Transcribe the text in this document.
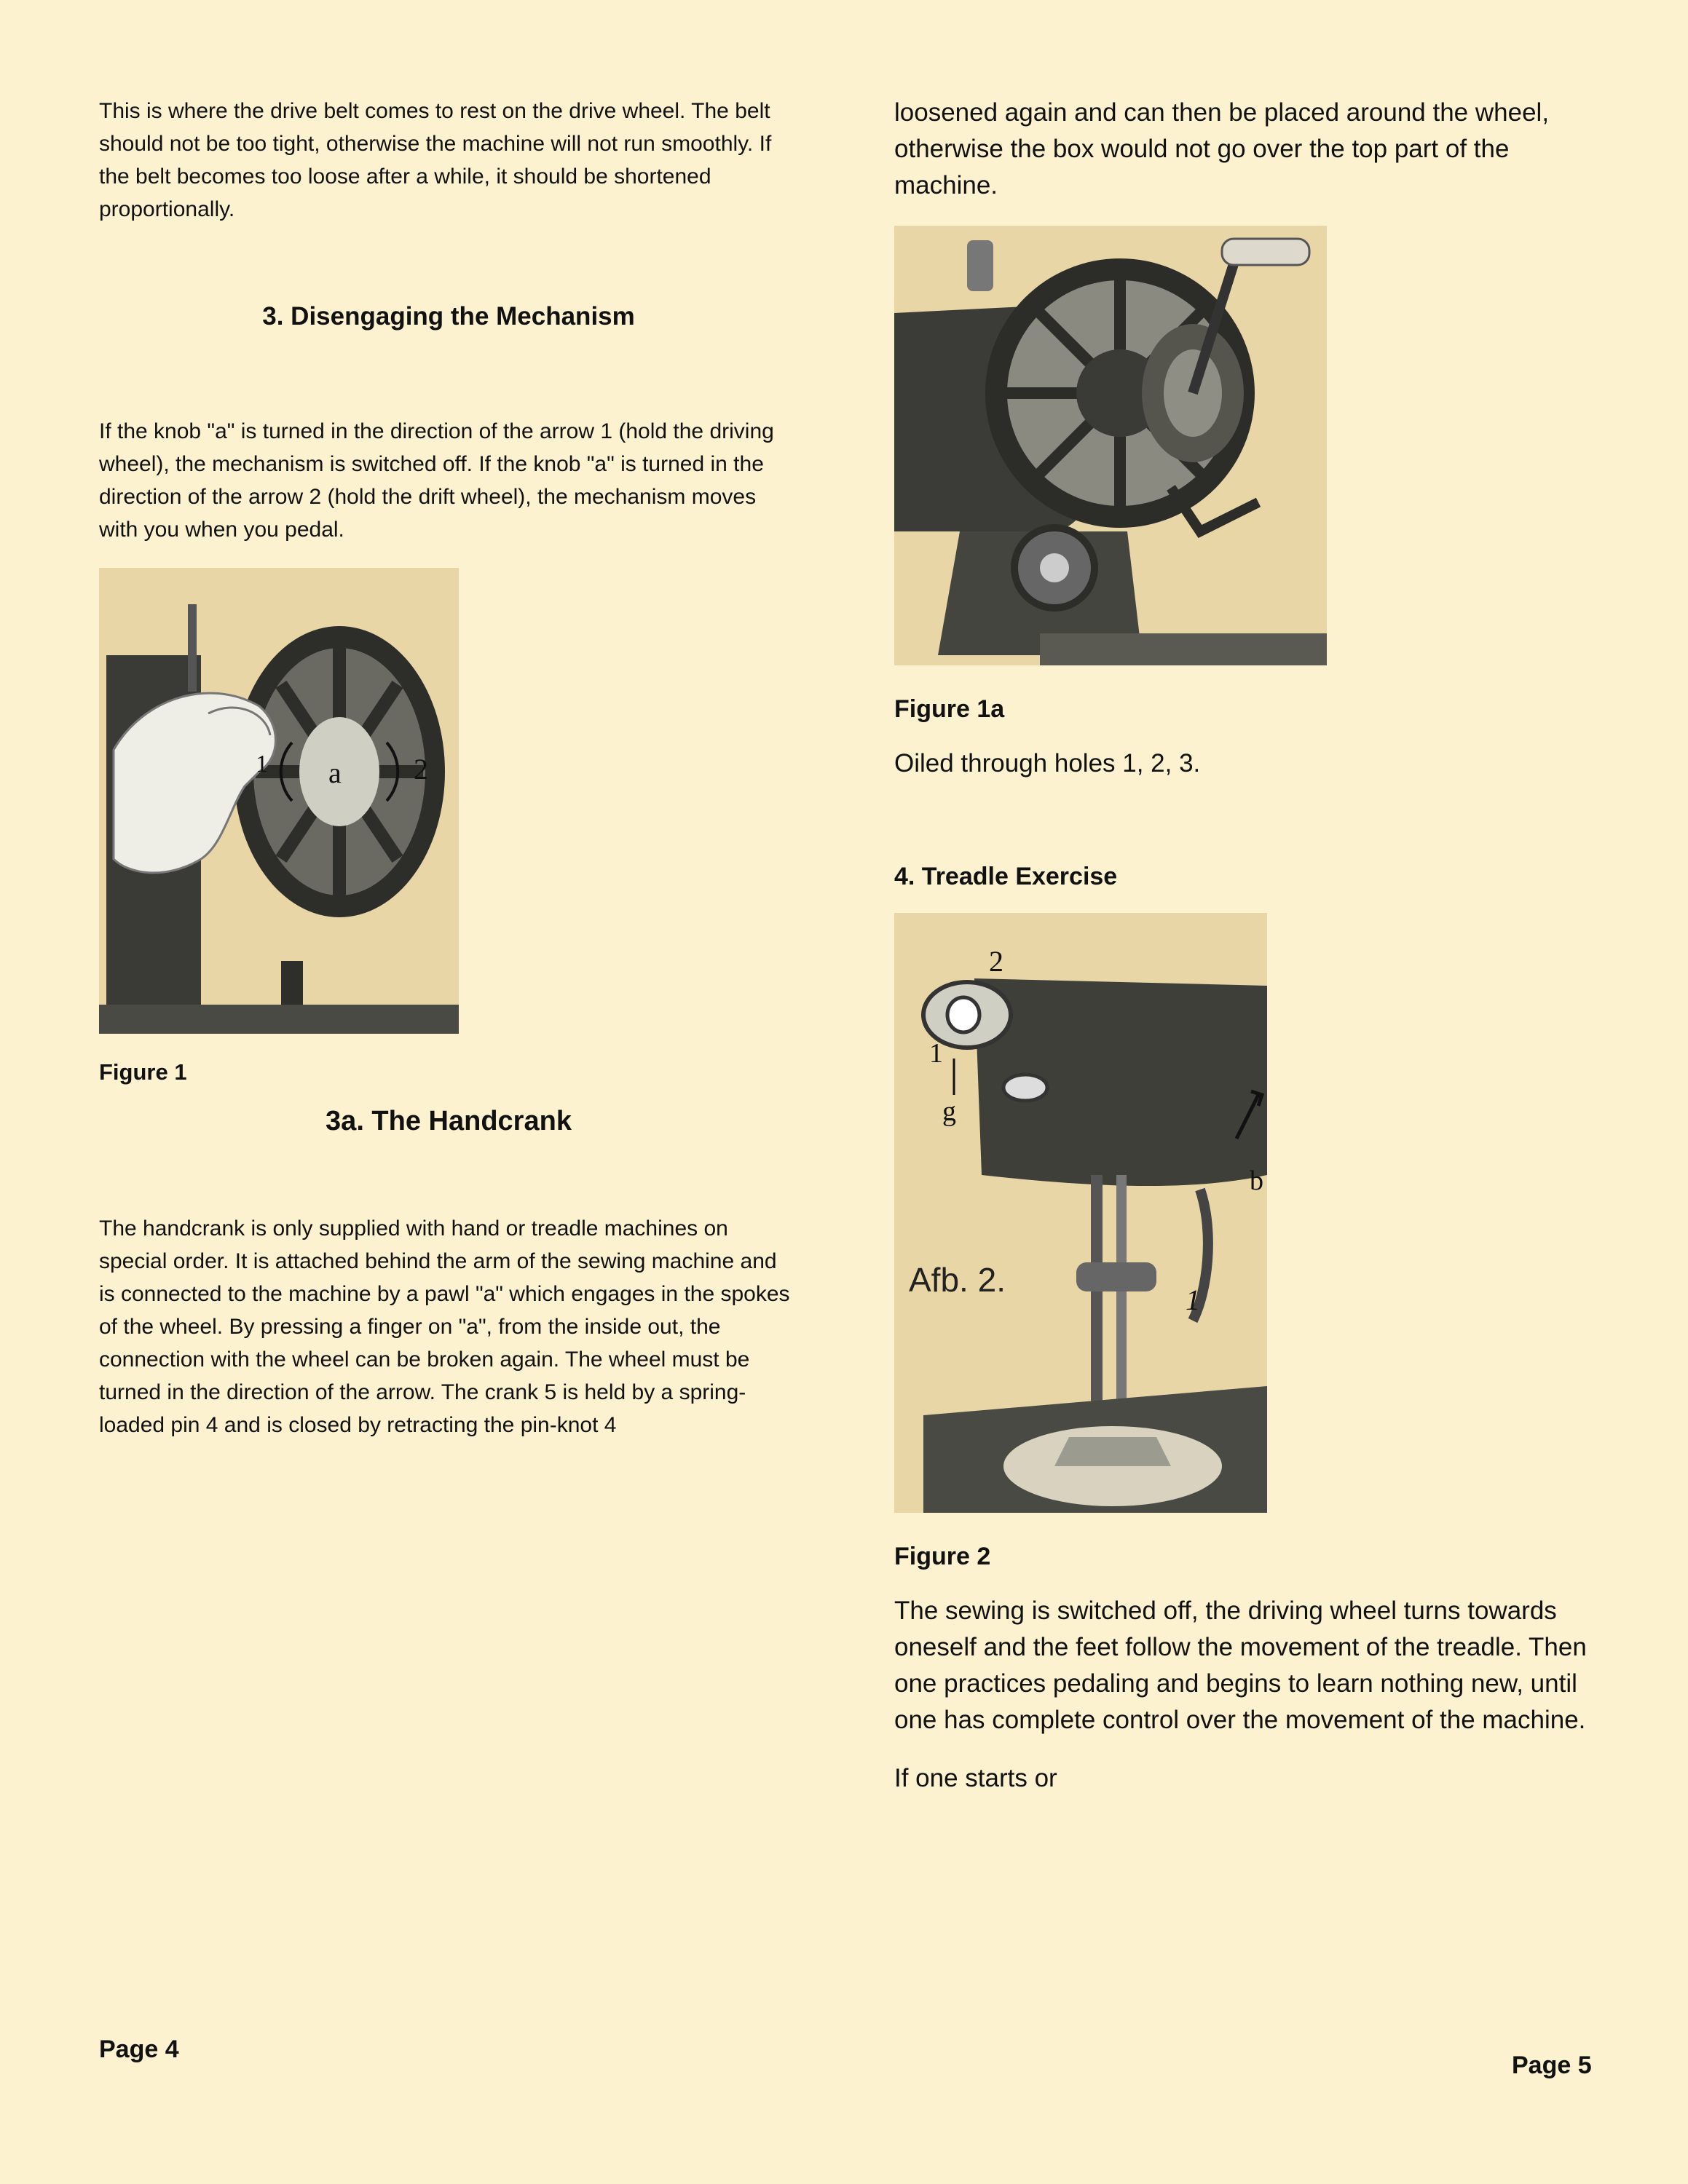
This is where the drive belt comes to rest on the drive wheel. The belt should not be too tight, otherwise the machine will not run smoothly. If the belt becomes too loose after a while, it should be shortened proportionally.

3. Disengaging the Mechanism

If the knob "a" is turned in the direction of the arrow 1 (hold the driving wheel), the mechanism is switched off. If the knob "a" is turned in the direction of the arrow 2 (hold the drift wheel), the mechanism moves with you when you pedal.

1 a 2

Figure 1

3a. The Handcrank

The handcrank is only supplied with hand or treadle machines on special order. It is attached behind the arm of the sewing machine and is connected to the machine by a pawl "a" which engages in the spokes of the wheel. By pressing a finger on "a", from the inside out, the connection with the wheel can be broken again. The wheel must be turned in the direction of the arrow. The crank 5 is held by a spring-loaded pin 4 and is closed by retracting the pin-knot 4

loosened again and can then be placed around the wheel, otherwise the box would not go over the top part of the machine.

Figure 1a

Oiled through holes 1, 2, 3.

4. Treadle Exercise

2
1
g
b
Afb. 2.
1

Figure 2

The sewing is switched off, the driving wheel turns towards oneself and the feet follow the movement of the treadle. Then one practices pedaling and begins to learn nothing new, until one has complete control over the movement of the machine.

If one starts or

Page 4
Page 5
